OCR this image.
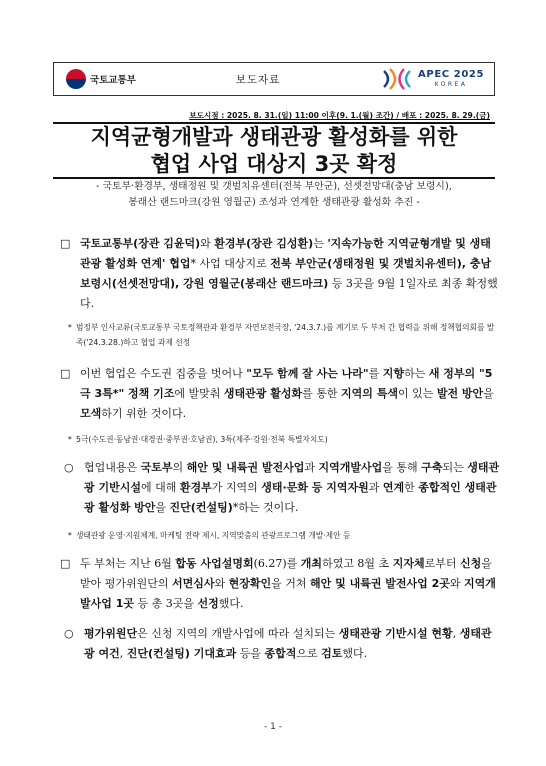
국토교통부	보도자료	APEC 2025
KOREA
보도시점 : 2025. 8. 31.(일) 11:00 이후(9. 1.(월) 조간) / 배포 : 2025. 8. 29.(금)
지역균형개발과 생태관광 활성화를 위한
협업 사업 대상지 3곳 확정
- 국토부·환경부, 생태정원 및 갯벌치유센터(전북 부안군), 선셋전망대(충남 보령시),
봉래산 랜드마크(강원 영월군) 조성과 연계한 생태관광 활성화 추진 -
□ 국토교통부(장관 김윤덕)와 환경부(장관 김성환)는 '지속가능한 지역균형개발 및 생태관광 활성화 연계' 협업* 사업 대상지로 전북 부안군(생태정원 및 갯벌치유센터), 충남 보령시(선셋전망대), 강원 영월군(봉래산 랜드마크) 등 3곳을 9월 1일자로 최종 확정했다.
* 범정부 인사교류(국토교통부 국토정책관과 환경부 자연보전국장, '24.3.7.)를 계기로 두 부처 간 협력을 위해 정책협의회를 발족('24.3.28.)하고 협업 과제 선정
□ 이번 협업은 수도권 집중을 벗어나 "모두 함께 잘 사는 나라"를 지향하는 새 정부의 "5극 3특*" 정책 기조에 발맞춰 생태관광 활성화를 통한 지역의 특색이 있는 발전 방안을 모색하기 위한 것이다.
* 5극(수도권·동남권·대경권·중부권·호남권), 3특(제주·강원·전북 특별자치도)
○ 협업내용은 국토부의 해안 및 내륙권 발전사업과 지역개발사업을 통해 구축되는 생태관광 기반시설에 대해 환경부가 지역의 생태·문화 등 지역자원과 연계한 종합적인 생태관광 활성화 방안을 진단(컨설팅)*하는 것이다.
* 생태관광 운영·지원체계, 마케팅 전략 제시, 지역맞춤의 관광프로그램 개발·제안 등
□ 두 부처는 지난 6월 합동 사업설명회(6.27)를 개최하였고 8월 초 지자체로부터 신청을 받아 평가위원단의 서면심사와 현장확인을 거쳐 해안 및 내륙권 발전사업 2곳와 지역개발사업 1곳 등 총 3곳을 선정했다.
○ 평가위원단은 신청 지역의 개발사업에 따라 설치되는 생태관광 기반시설 현황, 생태관광 여건, 진단(컨설팅) 기대효과 등을 종합적으로 검토했다.
- 1 -
